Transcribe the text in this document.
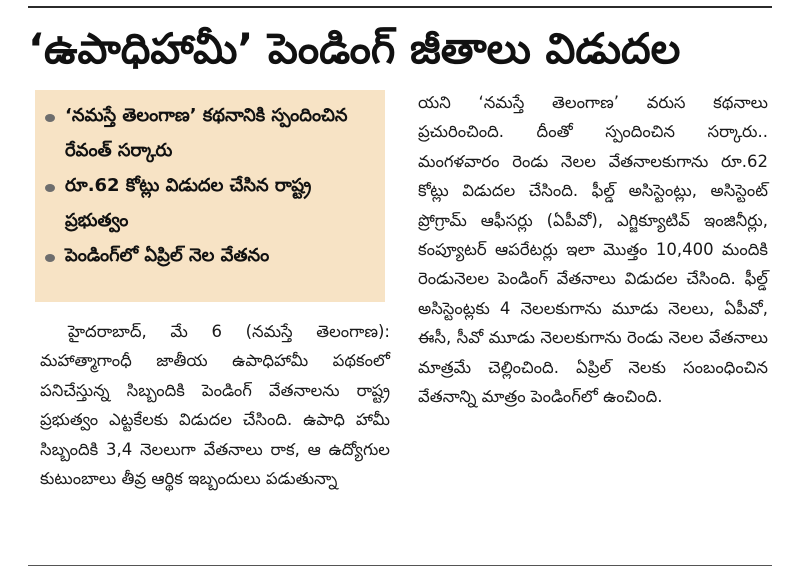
‘ఉపాధిహామీ’ పెండింగ్ జీతాలు విడుదల
‘నమస్తే తెలంగాణ’ కథనానికి స్పందించిన రేవంత్ సర్కారు
రూ.62 కోట్లు విడుదల చేసిన రాష్ట్ర ప్రభుత్వం
పెండింగ్‌లో ఏప్రిల్ నెల వేతనం
హైదరాబాద్, మే 6 (నమస్తే తెలంగాణ): మహాత్మాగాంధీ జాతీయ ఉపాధిహామీ పథకంలో పనిచేస్తున్న సిబ్బందికి పెండింగ్ వేతనాలను రాష్ట్ర ప్రభుత్వం ఎట్టకేలకు విడుదల చేసింది. ఉపాధి హామీ సిబ్బందికి 3,4 నెలలుగా వేతనాలు రాక, ఆ ఉద్యోగుల కుటుంబాలు తీవ్ర ఆర్థిక ఇబ్బందులు పడుతున్నా
యని ‘నమస్తే తెలంగాణ’ వరుస కథనాలు ప్రచురించింది. దీంతో స్పందించిన సర్కారు.. మంగళవారం రెండు నెలల వేతనాలకుగాను రూ.62 కోట్లు విడుదల చేసింది. ఫీల్డ్ అసిస్టెంట్లు, అసిస్టెంట్ ప్రోగ్రామ్ ఆఫీసర్లు (ఏపీవో), ఎగ్జిక్యూటివ్ ఇంజినీర్లు, కంప్యూటర్ ఆపరేటర్లు ఇలా మొత్తం 10,400 మందికి రెండునెలల పెండింగ్ వేతనాలు విడుదల చేసింది. ఫీల్డ్ అసిస్టెంట్లకు 4 నెలలకుగాను మూడు నెలలు, ఏపీవో, ఈసీ, సీవో మూడు నెలలకుగాను రెండు నెలల వేతనాలు మాత్రమే చెల్లించింది. ఏప్రిల్ నెలకు సంబంధించిన వేతనాన్ని మాత్రం పెండింగ్‌లో ఉంచింది.
